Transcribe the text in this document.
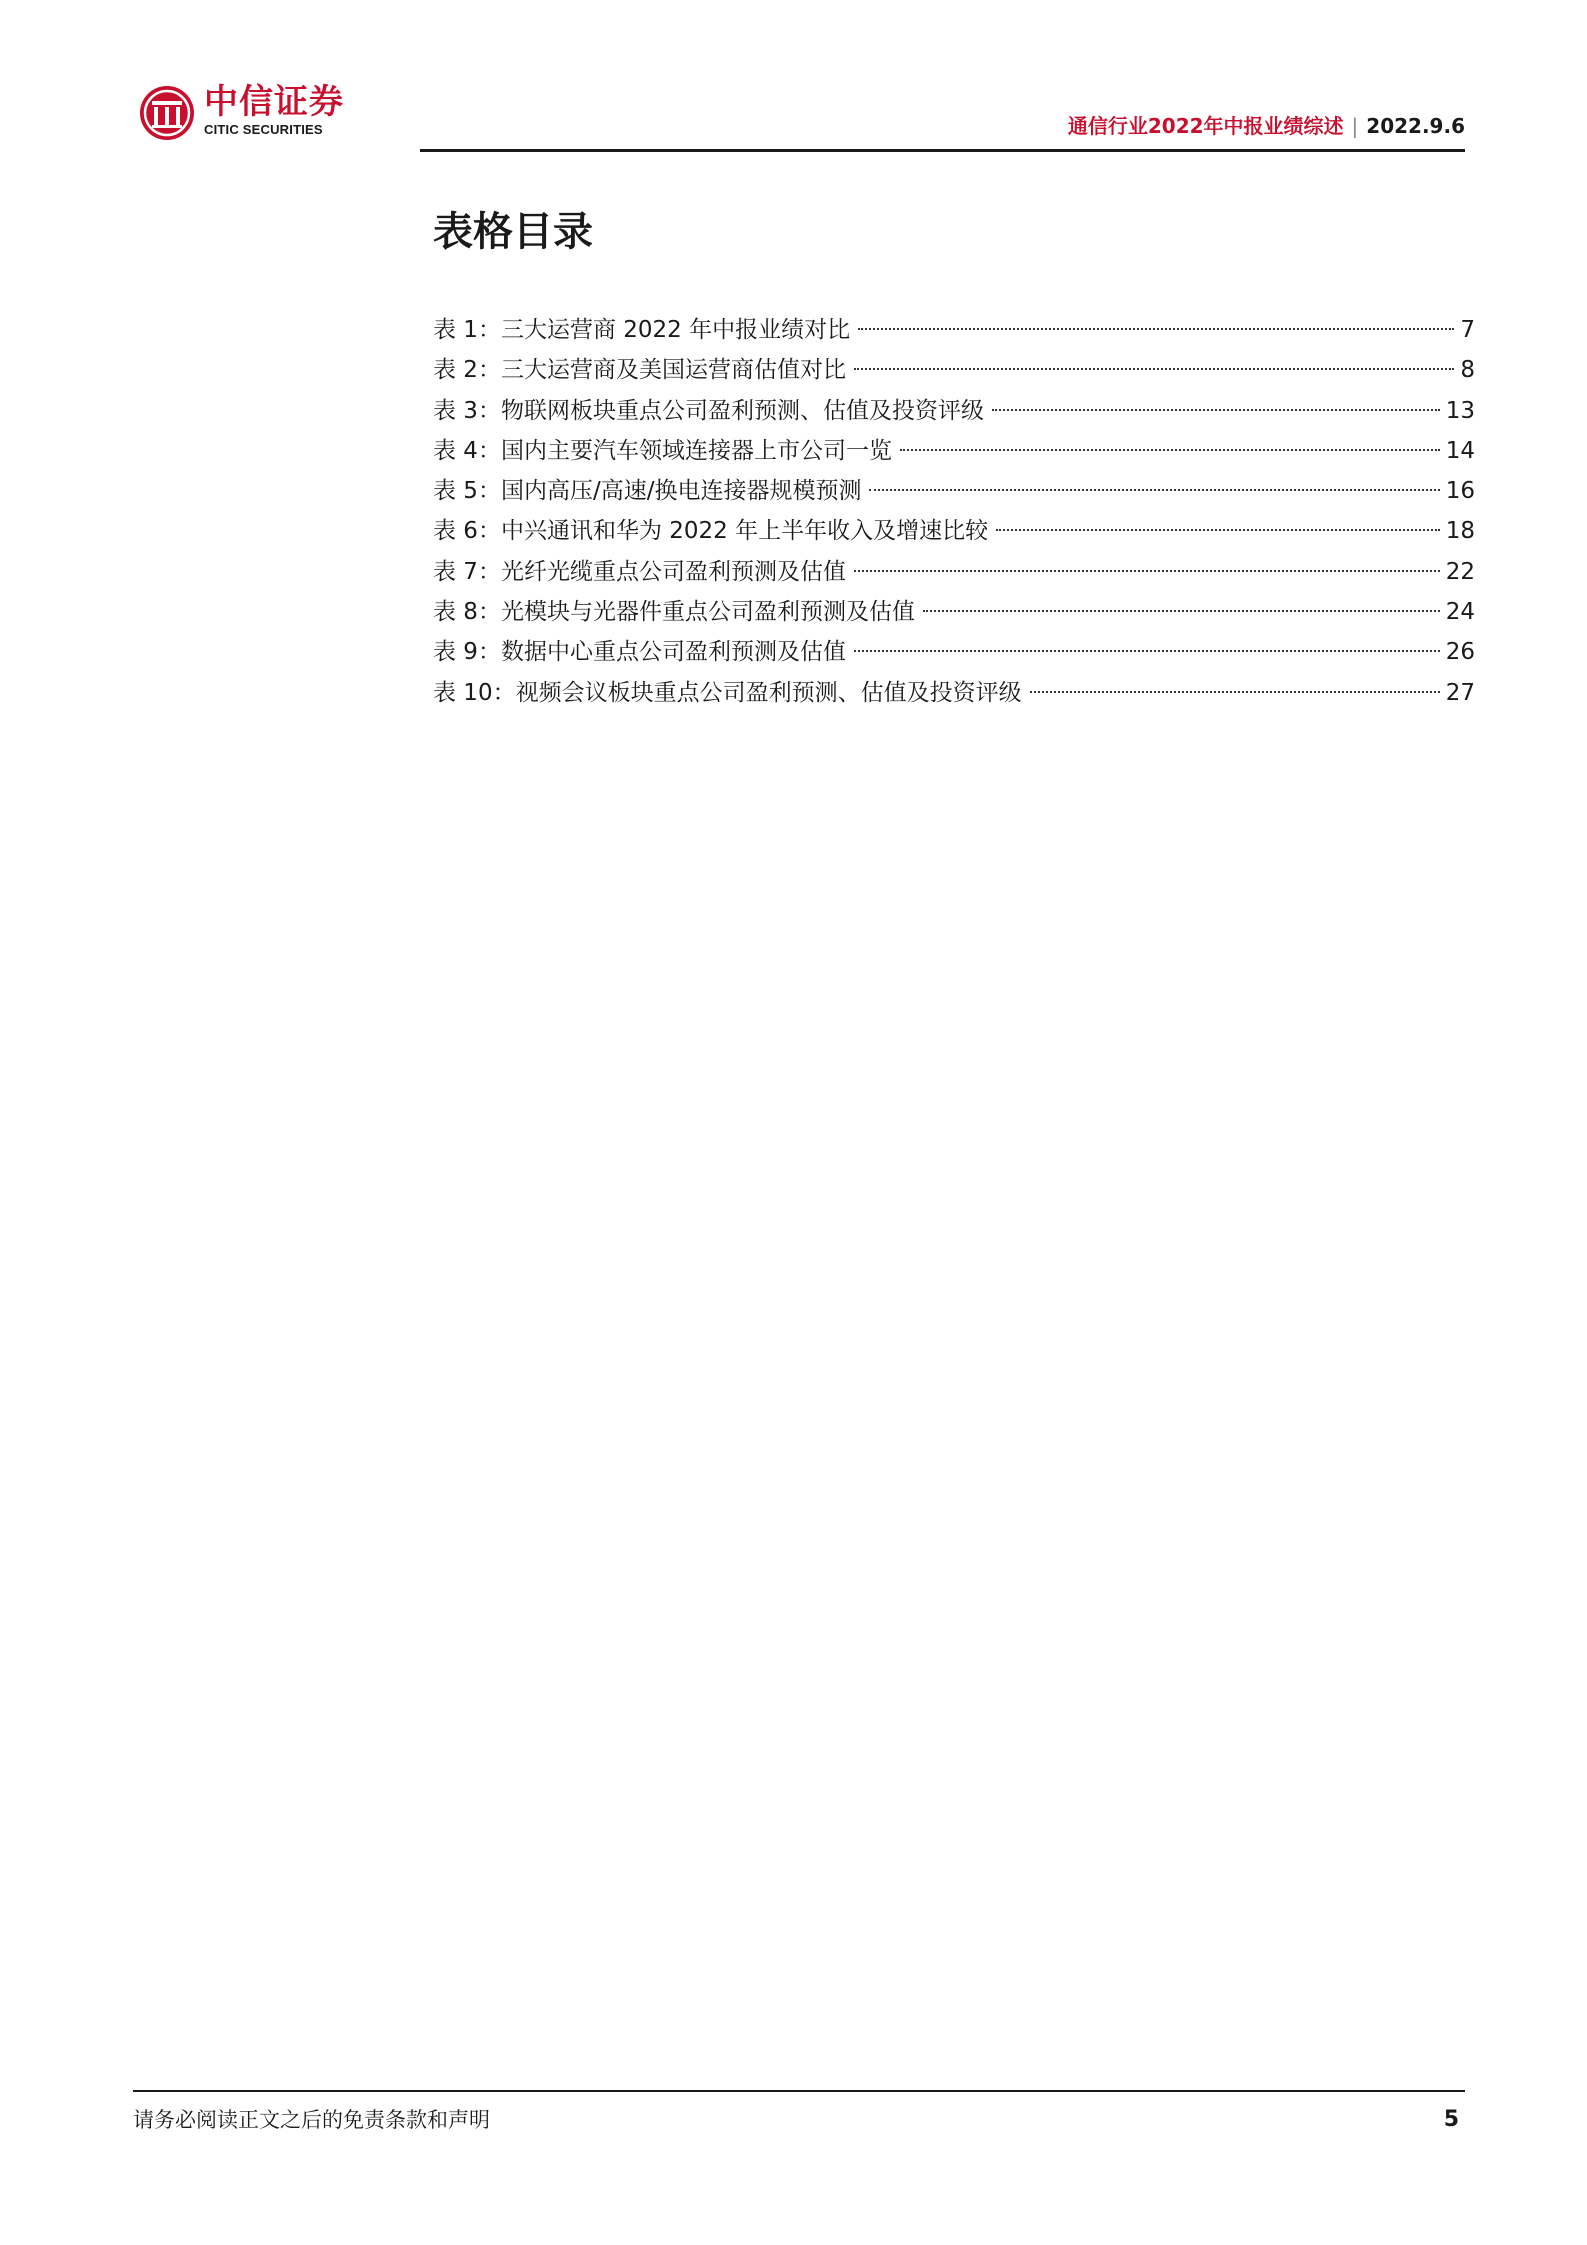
中信证券
CITIC SECURITIES	通信行业2022年中报业绩综述 | 2022.9.6
表格目录
表 1：三大运营商 2022 年中报业绩对比	7
表 2：三大运营商及美国运营商估值对比	8
表 3：物联网板块重点公司盈利预测、估值及投资评级	13
表 4：国内主要汽车领域连接器上市公司一览	14
表 5：国内高压/高速/换电连接器规模预测	16
表 6：中兴通讯和华为 2022 年上半年收入及增速比较	18
表 7：光纤光缆重点公司盈利预测及估值	22
表 8：光模块与光器件重点公司盈利预测及估值	24
表 9：数据中心重点公司盈利预测及估值	26
表 10：视频会议板块重点公司盈利预测、估值及投资评级	27
请务必阅读正文之后的免责条款和声明	5
